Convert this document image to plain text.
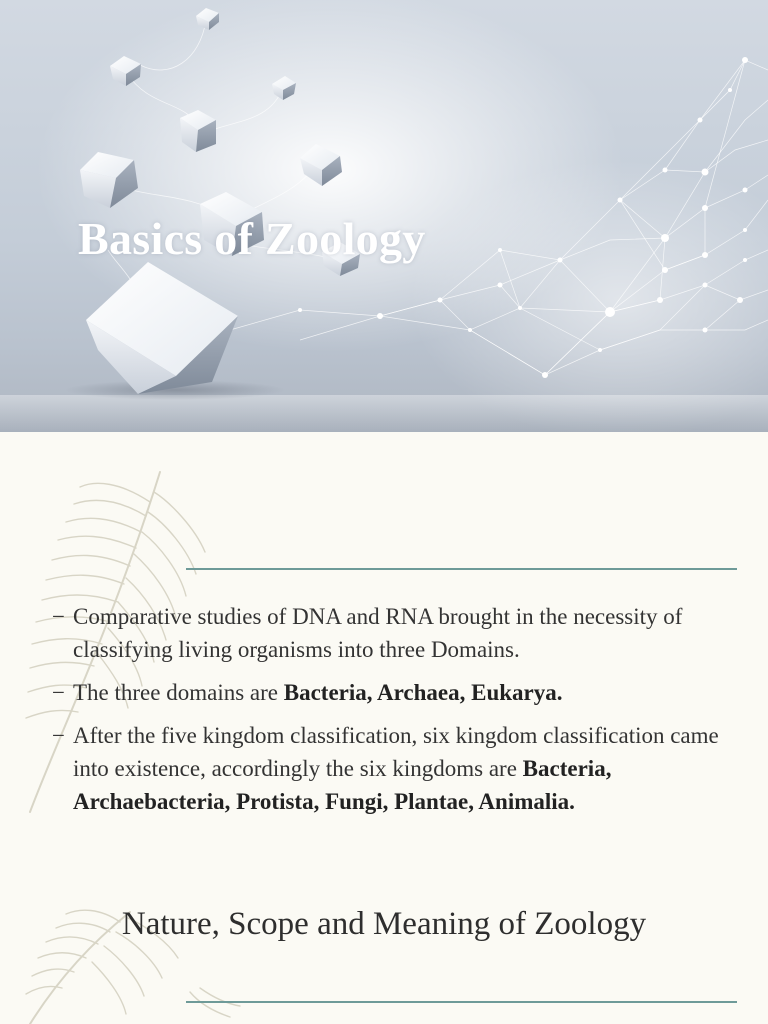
Basics of Zoology
− Comparative studies of DNA and RNA brought in the necessity of classifying living organisms into three Domains.
− The three domains are Bacteria, Archaea, Eukarya.
− After the five kingdom classification, six kingdom classification came into existence, accordingly the six kingdoms are Bacteria, Archaebacteria, Protista, Fungi, Plantae, Animalia.
Nature, Scope and Meaning of Zoology
